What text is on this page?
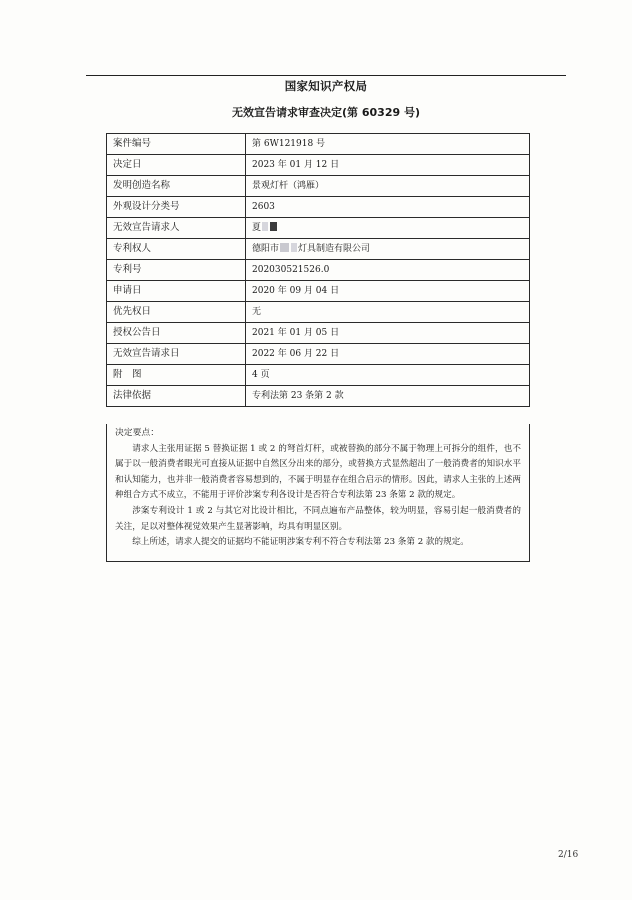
国家知识产权局
无效宣告请求审查决定(第 60329 号)
案件编号	第 6W121918 号
决定日	2023 年 01 月 12 日
发明创造名称	景观灯杆（鸿雁）
外观设计分类号	2603
无效宣告请求人	夏
专利权人	德阳市 灯具制造有限公司
专利号	202030521526.0
申请日	2020 年 09 月 04 日
优先权日	无
授权公告日	2021 年 01 月 05 日
无效宣告请求日	2022 年 06 月 22 日
附　图	4 页
法律依据	专利法第 23 条第 2 款
决定要点：

请求人主张用证据 5 替换证据 1 或 2 的弩首灯杆，或被替换的部分不属于物理上可拆分的组件，也不属于以一般消费者眼光可直接从证据中自然区分出来的部分，或替换方式显然超出了一般消费者的知识水平和认知能力，也并非一般消费者容易想到的，不属于明显存在组合启示的情形。因此，请求人主张的上述两种组合方式不成立，不能用于评价涉案专利各设计是否符合专利法第 23 条第 2 款的规定。

涉案专利设计 1 或 2 与其它对比设计相比，不同点遍布产品整体，较为明显，容易引起一般消费者的关注，足以对整体视觉效果产生显著影响，均具有明显区别。

综上所述，请求人提交的证据均不能证明涉案专利不符合专利法第 23 条第 2 款的规定。

2/16
